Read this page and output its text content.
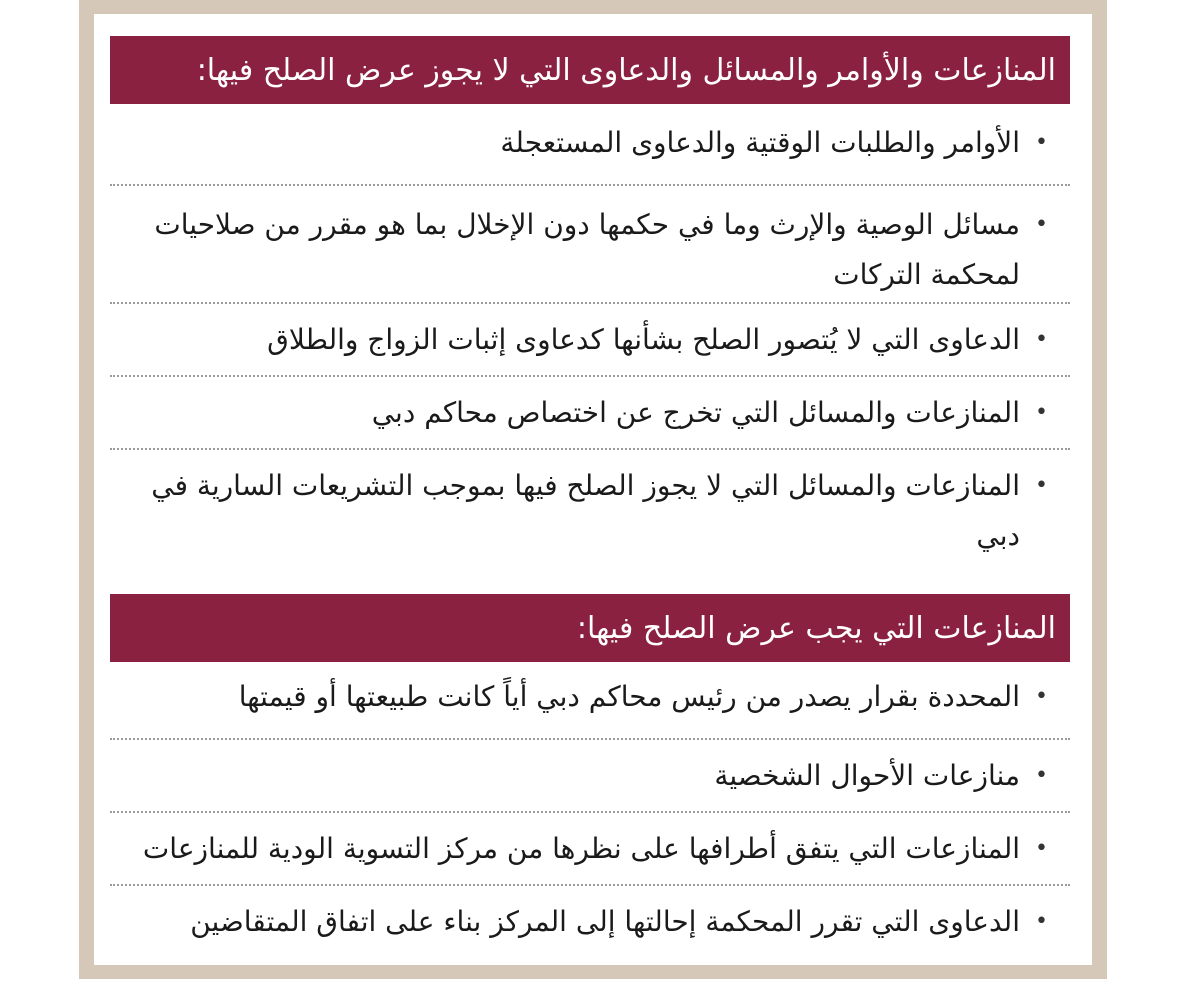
المنازعات والأوامر والمسائل والدعاوى التي لا يجوز عرض الصلح فيها:
•
الأوامر والطلبات الوقتية والدعاوى المستعجلة
•
مسائل الوصية والإرث وما في حكمها دون الإخلال بما هو مقرر من صلاحيات لمحكمة التركات
•
الدعاوى التي لا يُتصور الصلح بشأنها كدعاوى إثبات الزواج والطلاق
•
المنازعات والمسائل التي تخرج عن اختصاص محاكم دبي
•
المنازعات والمسائل التي لا يجوز الصلح فيها بموجب التشريعات السارية في دبي
المنازعات التي يجب عرض الصلح فيها:
•
المحددة بقرار يصدر من رئيس محاكم دبي أياً كانت طبيعتها أو قيمتها
•
منازعات الأحوال الشخصية
•
المنازعات التي يتفق أطرافها على نظرها من مركز التسوية الودية للمنازعات
•
الدعاوى التي تقرر المحكمة إحالتها إلى المركز بناء على اتفاق المتقاضين
